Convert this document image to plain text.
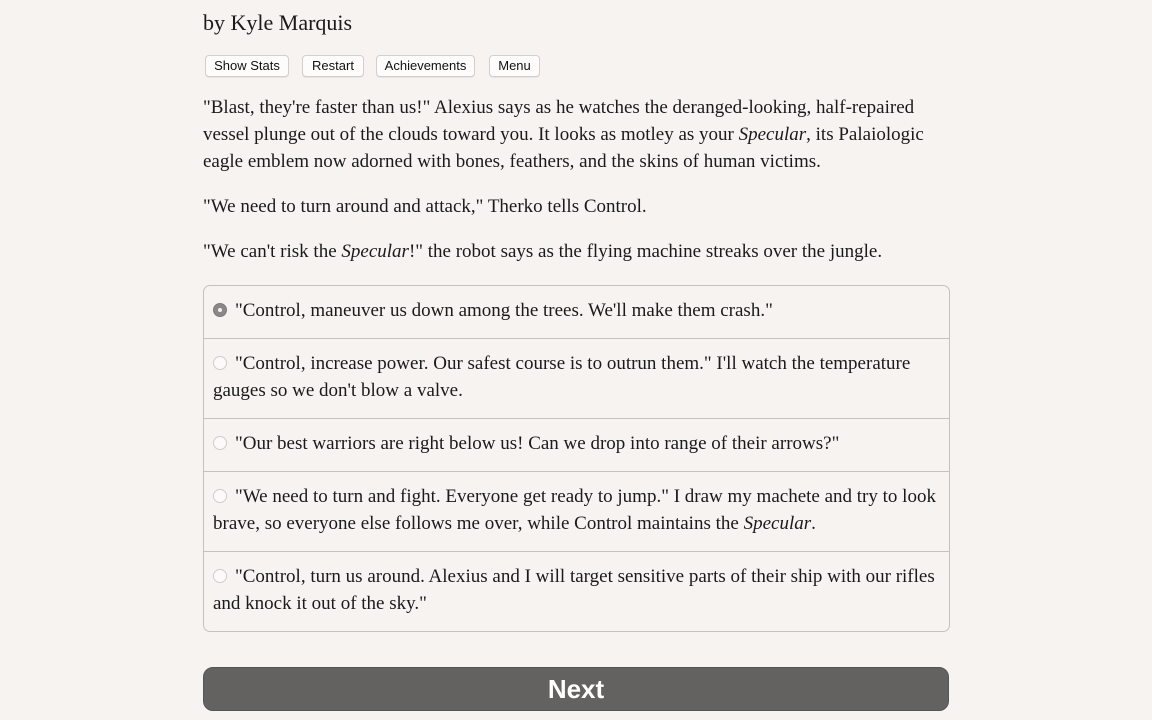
by Kyle Marquis
Show Stats	Restart	Achievements	Menu
"Blast, they're faster than us!" Alexius says as he watches the deranged-looking, half-repaired vessel plunge out of the clouds toward you. It looks as motley as your Specular, its Palaiologic eagle emblem now adorned with bones, feathers, and the skins of human victims.
"We need to turn around and attack," Therko tells Control.
"We can't risk the Specular!" the robot says as the flying machine streaks over the jungle.
"Control, maneuver us down among the trees. We'll make them crash."
"Control, increase power. Our safest course is to outrun them." I'll watch the temperature gauges so we don't blow a valve.
"Our best warriors are right below us! Can we drop into range of their arrows?"
"We need to turn and fight. Everyone get ready to jump." I draw my machete and try to look brave, so everyone else follows me over, while Control maintains the Specular.
"Control, turn us around. Alexius and I will target sensitive parts of their ship with our rifles and knock it out of the sky."
Next
